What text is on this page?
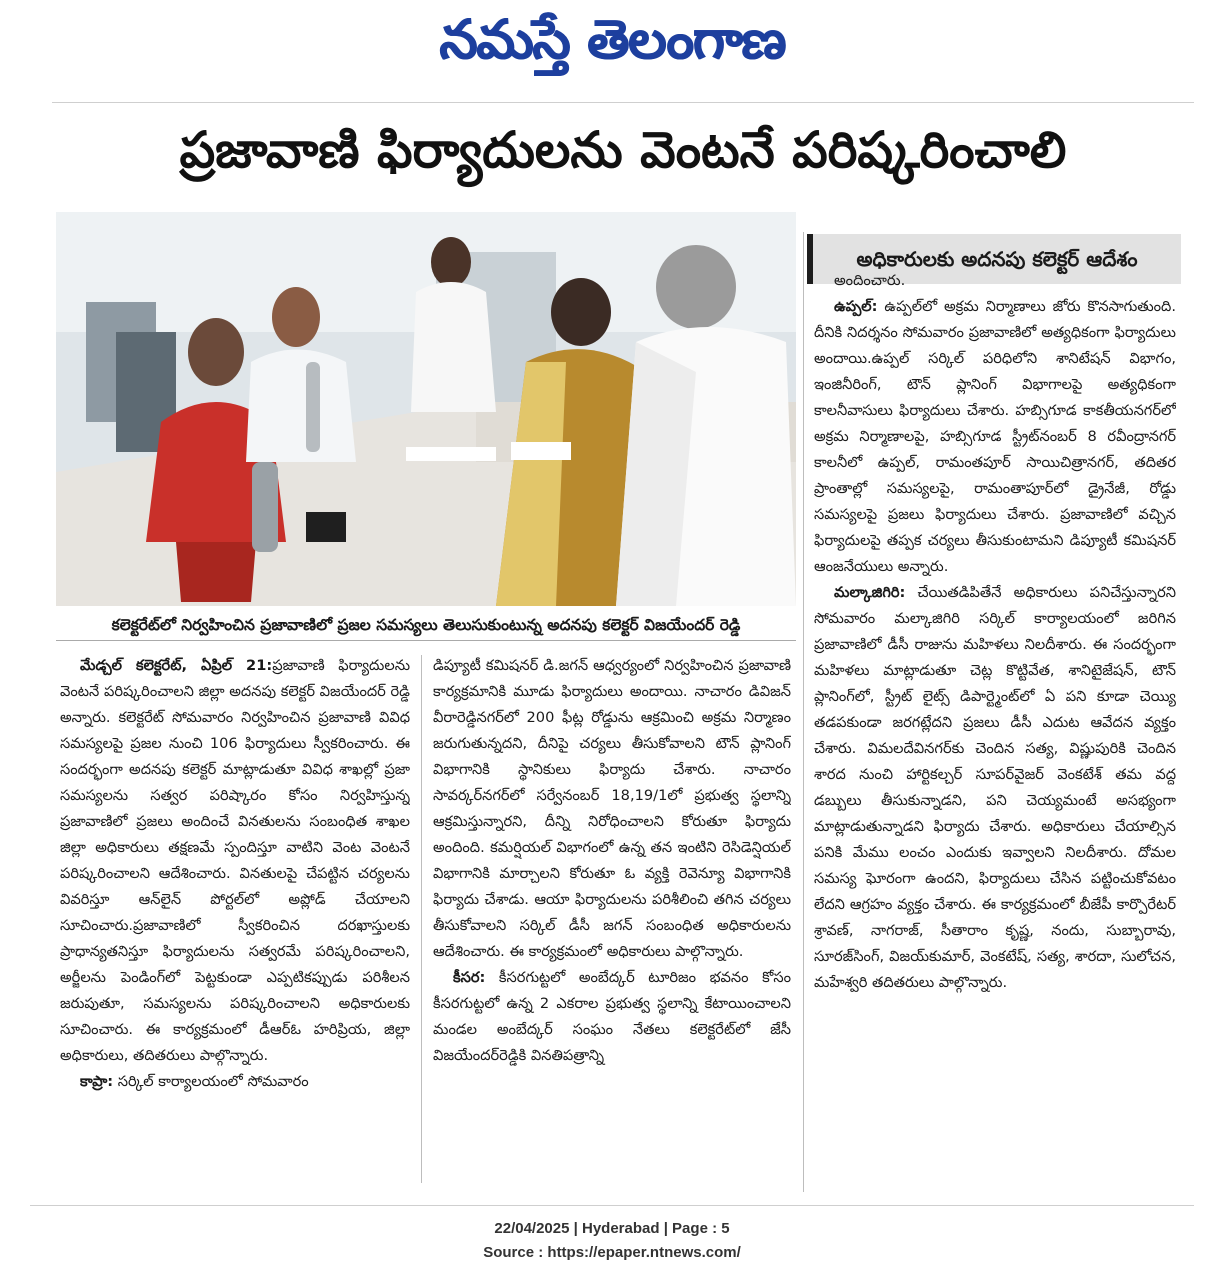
నమస్తే తెలంగాణ
ప్రజావాణి ఫిర్యాదులను వెంటనే పరిష్కరించాలి
కలెక్టరేట్‌లో నిర్వహించిన ప్రజావాణిలో ప్రజల సమస్యలు తెలుసుకుంటున్న అదనపు కలెక్టర్ విజయేందర్ రెడ్డి
అధికారులకు అదనపు కలెక్టర్ ఆదేశం

అందించారు.

ఉప్పల్: ఉప్పల్‌లో అక్రమ నిర్మాణాలు జోరు కొనసాగుతుంది. దీనికి నిదర్శనం సోమవారం ప్రజావాణిలో అత్యధికంగా ఫిర్యాదులు అందాయి.ఉప్పల్ సర్కిల్ పరిధిలోని శానిటేషన్ విభాగం, ఇంజినీరింగ్, టౌన్ ప్లానింగ్ విభాగాలపై అత్యధికంగా కాలనీవాసులు ఫిర్యాదులు చేశారు. హబ్సిగూడ కాకతీయనగర్‌లో అక్రమ నిర్మాణాలపై, హబ్సిగూడ స్ట్రీట్‌నంబర్ 8 రవీంద్రానగర్ కాలనీలో ఉప్పల్, రామంతపూర్ సాయిచిత్రానగర్, తదితర ప్రాంతాల్లో సమస్యలపై, రామంతాపూర్‌లో డ్రైనేజీ, రోడ్డు సమస్యలపై ప్రజలు ఫిర్యాదులు చేశారు. ప్రజావాణిలో వచ్చిన ఫిర్యాదులపై తప్పక చర్యలు తీసుకుంటామని డిప్యూటీ కమిషనర్ ఆంజనేయులు అన్నారు.

మల్కాజిగిరి: చేయితడిపితేనే అధికారులు పనిచేస్తున్నారని సోమవారం మల్కాజిగిరి సర్కిల్ కార్యాలయంలో జరిగిన ప్రజావాణిలో డీసీ రాజును మహిళలు నిలదీశారు. ఈ సందర్భంగా మహిళలు మాట్లాడుతూ చెట్ల కొట్టివేత, శానిటైజేషన్, టౌన్ ప్లానింగ్‌లో, స్ట్రీట్ లైట్స్ డిపార్ట్మెంట్‌లో ఏ పని కూడా చెయ్యి తడపకుండా జరగట్లేదని ప్రజలు డీసీ ఎదుట ఆవేదన వ్యక్తం చేశారు. విమలదేవినగర్‌కు చెందిన సత్య, విష్ణుపురికి చెందిన శారద నుంచి హార్టికల్చర్ సూపర్‌వైజర్ వెంకటేశ్ తమ వద్ద డబ్బులు తీసుకున్నాడని, పని చెయ్యమంటే అసభ్యంగా మాట్లాడుతున్నాడని ఫిర్యాదు చేశారు. అధికారులు చేయాల్సిన పనికి మేము లంచం ఎందుకు ఇవ్వాలని నిలదీశారు. దోమల సమస్య ఘోరంగా ఉందని, ఫిర్యాదులు చేసిన పట్టించుకోవటం లేదని ఆగ్రహం వ్యక్తం చేశారు. ఈ కార్యక్రమంలో బీజేపీ కార్పొరేటర్ శ్రావణ్, నాగరాజ్, సీతారాం కృష్ణ, నందు, సుబ్బారావు, సూరజ్‌సింగ్, విజయ్‌కుమార్, వెంకటేష్, సత్య, శారదా, సులోచన, మహేశ్వరి తదితరులు పాల్గొన్నారు.

మేడ్చల్ కలెక్టరేట్, ఏప్రిల్ 21:ప్రజావాణి ఫిర్యాదులను వెంటనే పరిష్కరించాలని జిల్లా అదనపు కలెక్టర్ విజయేందర్ రెడ్డి అన్నారు. కలెక్టరేట్ సోమవారం నిర్వహించిన ప్రజావాణి వివిధ సమస్యలపై ప్రజల నుంచి 106 ఫిర్యాదులు స్వీకరించారు. ఈ సందర్భంగా అదనపు కలెక్టర్ మాట్లాడుతూ వివిధ శాఖల్లో ప్రజా సమస్యలను సత్వర పరిష్కారం కోసం నిర్వహిస్తున్న ప్రజావాణిలో ప్రజలు అందించే వినతులను సంబంధిత శాఖల జిల్లా అధికారులు తక్షణమే స్పందిస్తూ వాటిని వెంట వెంటనే పరిష్కరించాలని ఆదేశించారు. వినతులపై చేపట్టిన చర్యలను వివరిస్తూ ఆన్‌లైన్ పోర్టల్‌లో అప్లోడ్ చేయాలని సూచించారు.ప్రజావాణిలో స్వీకరించిన దరఖాస్తులకు ప్రాధాన్యతనిస్తూ ఫిర్యాదులను సత్వరమే పరిష్కరించాలని, అర్జీలను పెండింగ్‌లో పెట్టకుండా ఎప్పటికప్పుడు పరిశీలన జరుపుతూ, సమస్యలను పరిష్కరించాలని అధికారులకు సూచించారు. ఈ కార్యక్రమంలో డీఆర్‌ఓ హరిప్రియ, జిల్లా అధికారులు, తదితరులు పాల్గొన్నారు.

కాప్రా: సర్కిల్ కార్యాలయంలో సోమవారం

డిప్యూటీ కమిషనర్ డి.జగన్ ఆధ్వర్యంలో నిర్వహించిన ప్రజావాణి కార్యక్రమానికి మూడు ఫిర్యాదులు అందాయి. నాచారం డివిజన్ వీరారెడ్డినగర్‌లో 200 ఫీట్ల రోడ్డును ఆక్రమించి అక్రమ నిర్మాణం జరుగుతున్నదని, దీనిపై చర్యలు తీసుకోవాలని టౌన్ ప్లానింగ్ విభాగానికి స్థానికులు ఫిర్యాదు చేశారు. నాచారం సావర్కర్‌నగర్‌లో సర్వేనంబర్ 18,19/1లో ప్రభుత్వ స్థలాన్ని ఆక్రమిస్తున్నారని, దీన్ని నిరోధించాలని కోరుతూ ఫిర్యాదు అందింది. కమర్షియల్ విభాగంలో ఉన్న తన ఇంటిని రెసిడెన్షియల్ విభాగానికి మార్చాలని కోరుతూ ఓ వ్యక్తి రెవెన్యూ విభాగానికి ఫిర్యాదు చేశాడు. ఆయా ఫిర్యాదులను పరిశీలించి తగిన చర్యలు తీసుకోవాలని సర్కిల్ డీసీ జగన్ సంబంధిత అధికారులను ఆదేశించారు. ఈ కార్యక్రమంలో అధికారులు పాల్గొన్నారు.

కీసర: కీసరగుట్టలో అంబేద్కర్ టూరిజం భవనం కోసం కీసరగుట్టలో ఉన్న 2 ఎకరాల ప్రభుత్వ స్థలాన్ని కేటాయించాలని మండల అంబేద్కర్ సంఘం నేతలు కలెక్టరేట్‌లో జేసీ విజయేందర్‌రెడ్డికి వినతిపత్రాన్ని

22/04/2025 | Hyderabad | Page : 5
Source : https://epaper.ntnews.com/
